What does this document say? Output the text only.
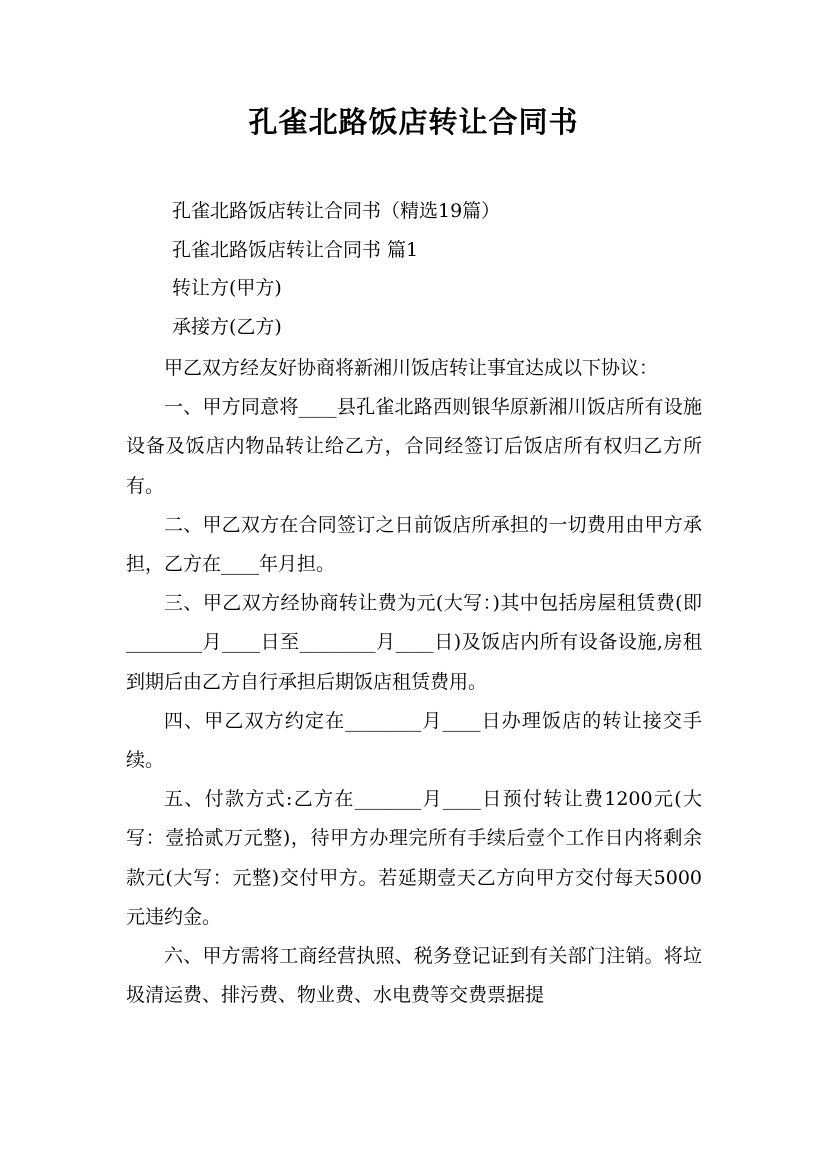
孔雀北路饭店转让合同书
孔雀北路饭店转让合同书（精选19篇）
孔雀北路饭店转让合同书 篇1
转让方(甲方)
承接方(乙方)

甲乙双方经友好协商将新湘川饭店转让事宜达成以下协议：

一、甲方同意将____县孔雀北路西则银华原新湘川饭店所有设施设备及饭店内物品转让给乙方，合同经签订后饭店所有权归乙方所有。

二、甲乙双方在合同签订之日前饭店所承担的一切费用由甲方承担，乙方在____年月担。

三、甲乙双方经协商转让费为元(大写：)其中包括房屋租赁费(即________月____日至________月____日)及饭店内所有设备设施,房租到期后由乙方自行承担后期饭店租赁费用。

四、甲乙双方约定在________月____日办理饭店的转让接交手续。

五、付款方式:乙方在_______月____日预付转让费1200元(大写：壹拾贰万元整)，待甲方办理完所有手续后壹个工作日内将剩余款元(大写：元整)交付甲方。若延期壹天乙方向甲方交付每天5000元违约金。

六、甲方需将工商经营执照、税务登记证到有关部门注销。将垃圾清运费、排污费、物业费、水电费等交费票据提
